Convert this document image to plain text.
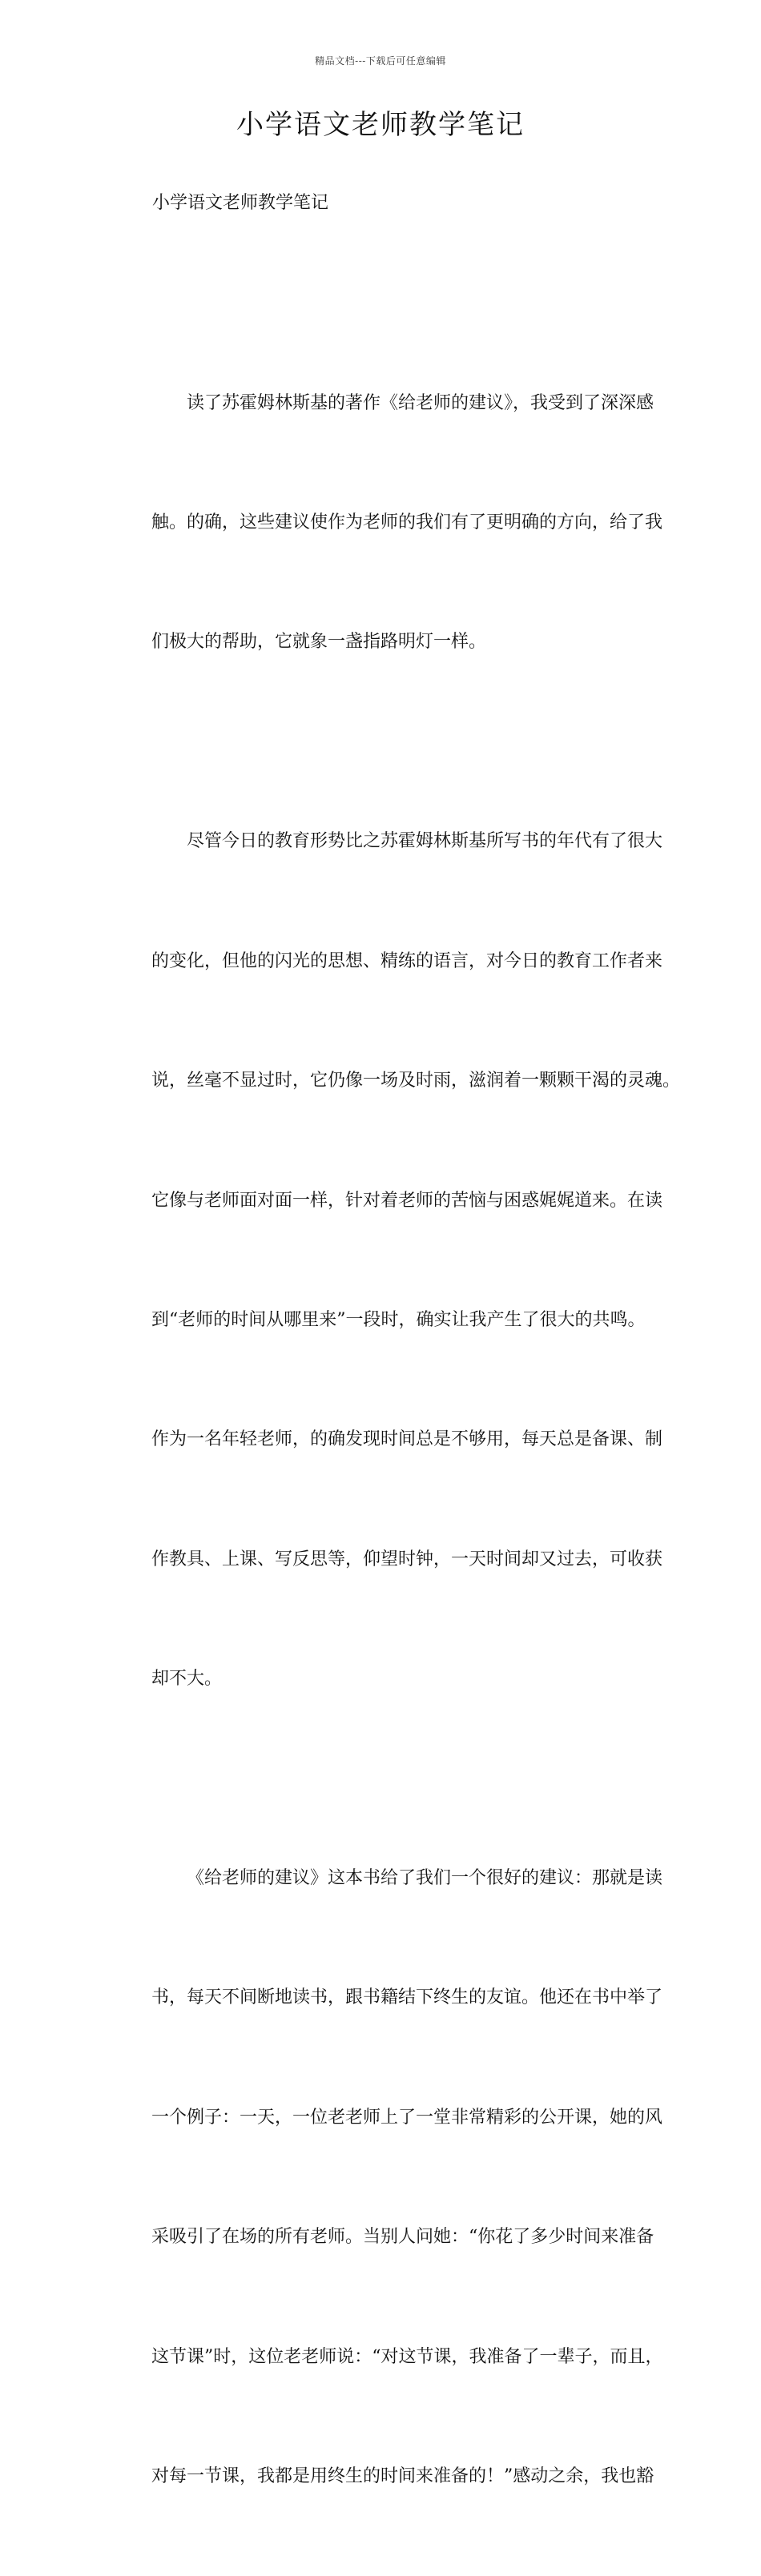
精品文档---下载后可任意编辑
小学语文老师教学笔记
小学语文老师教学笔记

读了苏霍姆林斯基的著作《给老师的建议》，我受到了深深感

触。的确，这些建议使作为老师的我们有了更明确的方向，给了我

们极大的帮助，它就象一盏指路明灯一样。

尽管今日的教育形势比之苏霍姆林斯基所写书的年代有了很大

的变化，但他的闪光的思想、精练的语言，对今日的教育工作者来

说，丝毫不显过时，它仍像一场及时雨，滋润着一颗颗干渴的灵魂。

它像与老师面对面一样，针对着老师的苦恼与困惑娓娓道来。在读

到“老师的时间从哪里来”一段时，确实让我产生了很大的共鸣。

作为一名年轻老师，的确发现时间总是不够用，每天总是备课、制

作教具、上课、写反思等，仰望时钟，一天时间却又过去，可收获

却不大。

《给老师的建议》这本书给了我们一个很好的建议：那就是读

书，每天不间断地读书，跟书籍结下终生的友谊。他还在书中举了

一个例子：一天，一位老老师上了一堂非常精彩的公开课，她的风

采吸引了在场的所有老师。当别人问她：“你花了多少时间来准备

这节课”时，这位老老师说：“对这节课，我准备了一辈子，而且，

对每一节课，我都是用终生的时间来准备的！”感动之余，我也豁
